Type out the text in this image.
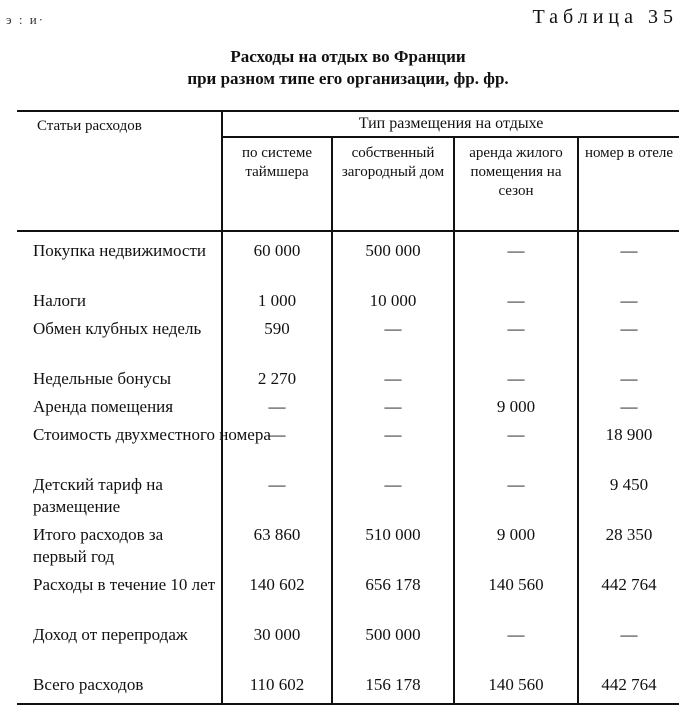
э : и·	Таблица 35
Расходы на отдых во Франции
при разном типе его организации, фр. фр.
Статьи расходов	Тип размещения на отдыхе			
	по системе таймшера	собственный загородный дом	аренда жилого помещения на сезон	номер в отеле

Покупка недвижимости	60 000	500 000	—	—
Налоги	1 000	10 000	—	—
Обмен клубных недель	590	—	—	—
Недельные бонусы	2 270	—	—	—
Аренда помещения	—	—	9 000	—
Стоимость двухместного номера	—	—	—	18 900
Детский тариф на размещение	—	—	—	9 450
Итого расходов за первый год	63 860	510 000	9 000	28 350
Расходы в течение 10 лет	140 602	656 178	140 560	442 764
Доход от перепродаж	30 000	500 000	—	—
Всего расходов	110 602	156 178	140 560	442 764
